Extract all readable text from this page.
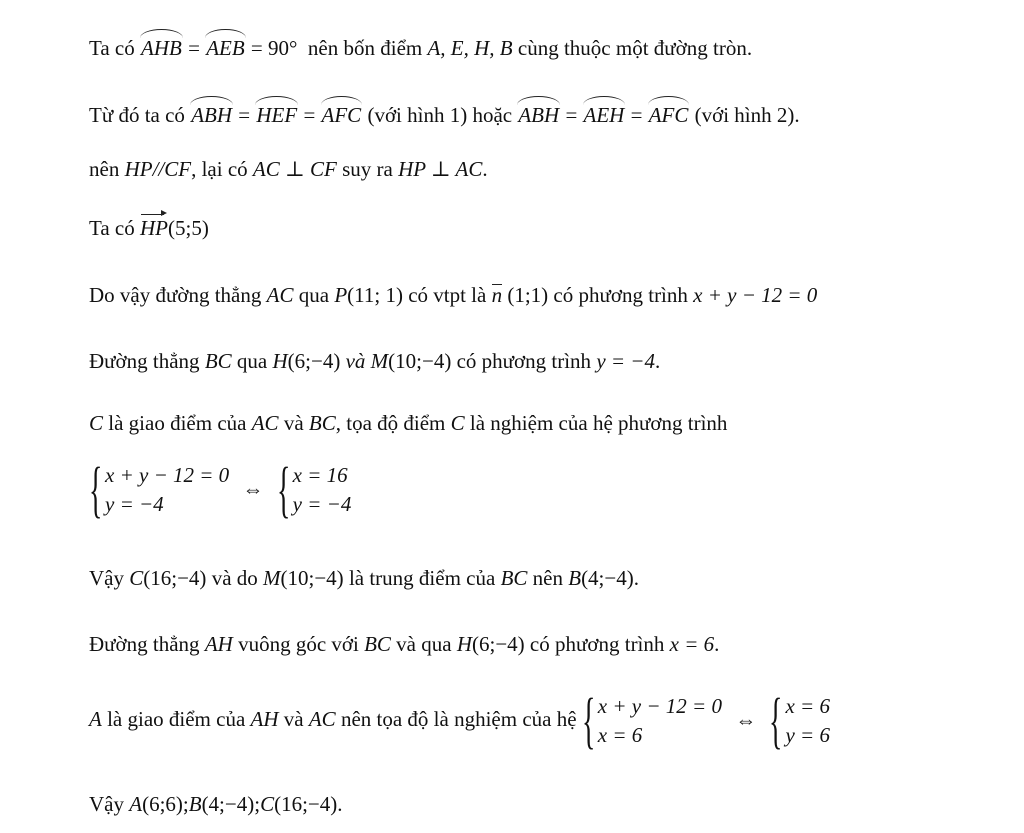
Ta có AHB = AEB = 90° nên bốn điểm A, E, H, B cùng thuộc một đường tròn.
Từ đó ta có ABH = HEF = AFC (với hình 1) hoặc ABH = AEH = AFC (với hình 2).
nên HP//CF, lại có AC ⊥ CF suy ra HP ⊥ AC.
Ta có HP(5;5)
Do vậy đường thẳng AC qua P(11; 1) có vtpt là n (1;1) có phương trình x + y − 12 = 0
Đường thẳng BC qua H(6;−4) và M(10;−4) có phương trình y = −4.
C là giao điểm của AC và BC, tọa độ điểm C là nghiệm của hệ phương trình
{ x + y − 12 = 0
y = −4
⇔ { x = 16
y = −4
Vậy C(16;−4) và do M(10;−4) là trung điểm của BC nên B(4;−4).
Đường thẳng AH vuông góc với BC và qua H(6;−4) có phương trình x = 6.
A là giao điểm của AH và AC nên tọa độ là nghiệm của hệ { x + y − 12 = 0
x = 6
⇔ { x = 6
y = 6
Vậy A(6;6);B(4;−4);C(16;−4).
